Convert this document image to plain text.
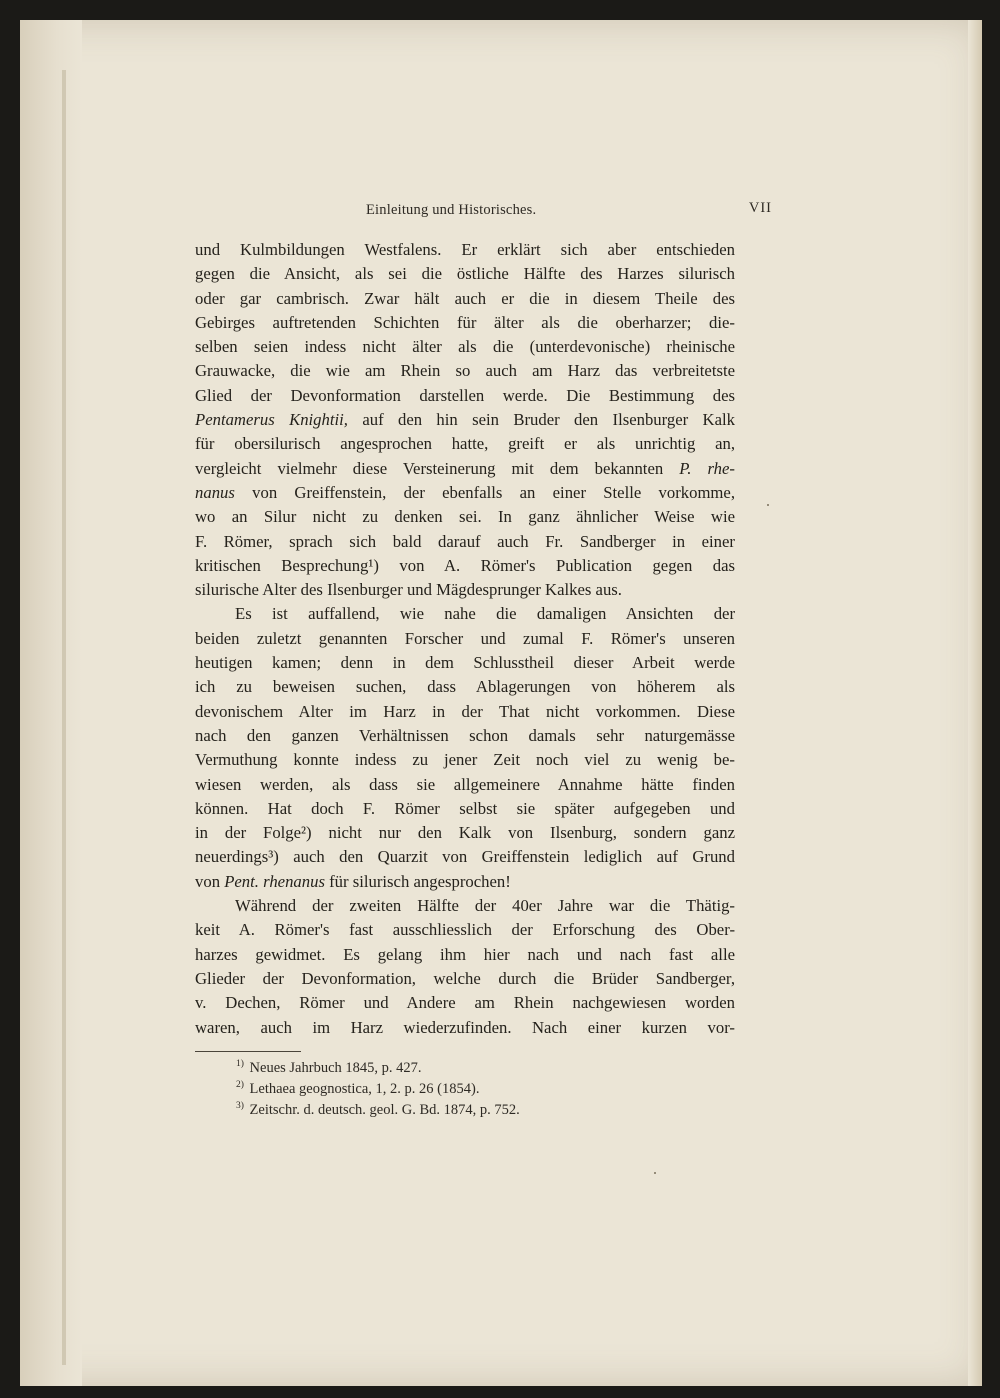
Einleitung und Historisches.	VII
und Kulmbildungen Westfalens. Er erklärt sich aber entschieden
gegen die Ansicht, als sei die östliche Hälfte des Harzes silurisch
oder gar cambrisch. Zwar hält auch er die in diesem Theile des
Gebirges auftretenden Schichten für älter als die oberharzer; die-
selben seien indess nicht älter als die (unterdevonische) rheinische
Grauwacke, die wie am Rhein so auch am Harz das verbreitetste
Glied der Devonformation darstellen werde. Die Bestimmung des
Pentamerus Knightii, auf den hin sein Bruder den Ilsenburger Kalk
für obersilurisch angesprochen hatte, greift er als unrichtig an,
vergleicht vielmehr diese Versteinerung mit dem bekannten P. rhe-
nanus von Greiffenstein, der ebenfalls an einer Stelle vorkomme,
wo an Silur nicht zu denken sei. In ganz ähnlicher Weise wie
F. Römer, sprach sich bald darauf auch Fr. Sandberger in einer
kritischen Besprechung¹) von A. Römer's Publication gegen das
silurische Alter des Ilsenburger und Mägdesprunger Kalkes aus.
Es ist auffallend, wie nahe die damaligen Ansichten der
beiden zuletzt genannten Forscher und zumal F. Römer's unseren
heutigen kamen; denn in dem Schlusstheil dieser Arbeit werde
ich zu beweisen suchen, dass Ablagerungen von höherem als
devonischem Alter im Harz in der That nicht vorkommen. Diese
nach den ganzen Verhältnissen schon damals sehr naturgemässe
Vermuthung konnte indess zu jener Zeit noch viel zu wenig be-
wiesen werden, als dass sie allgemeinere Annahme hätte finden
können. Hat doch F. Römer selbst sie später aufgegeben und
in der Folge²) nicht nur den Kalk von Ilsenburg, sondern ganz
neuerdings³) auch den Quarzit von Greiffenstein lediglich auf Grund
von Pent. rhenanus für silurisch angesprochen!
Während der zweiten Hälfte der 40er Jahre war die Thätig-
keit A. Römer's fast ausschliesslich der Erforschung des Ober-
harzes gewidmet. Es gelang ihm hier nach und nach fast alle
Glieder der Devonformation, welche durch die Brüder Sandberger,
v. Dechen, Römer und Andere am Rhein nachgewiesen worden
waren, auch im Harz wiederzufinden. Nach einer kurzen vor-
$^{1)}$ Neues Jahrbuch 1845, p. 427.
$^{2)}$ Lethaea geognostica, 1, 2. p. 26 (1854).
$^{3)}$ Zeitschr. d. deutsch. geol. G. Bd. 1874, p. 752.
